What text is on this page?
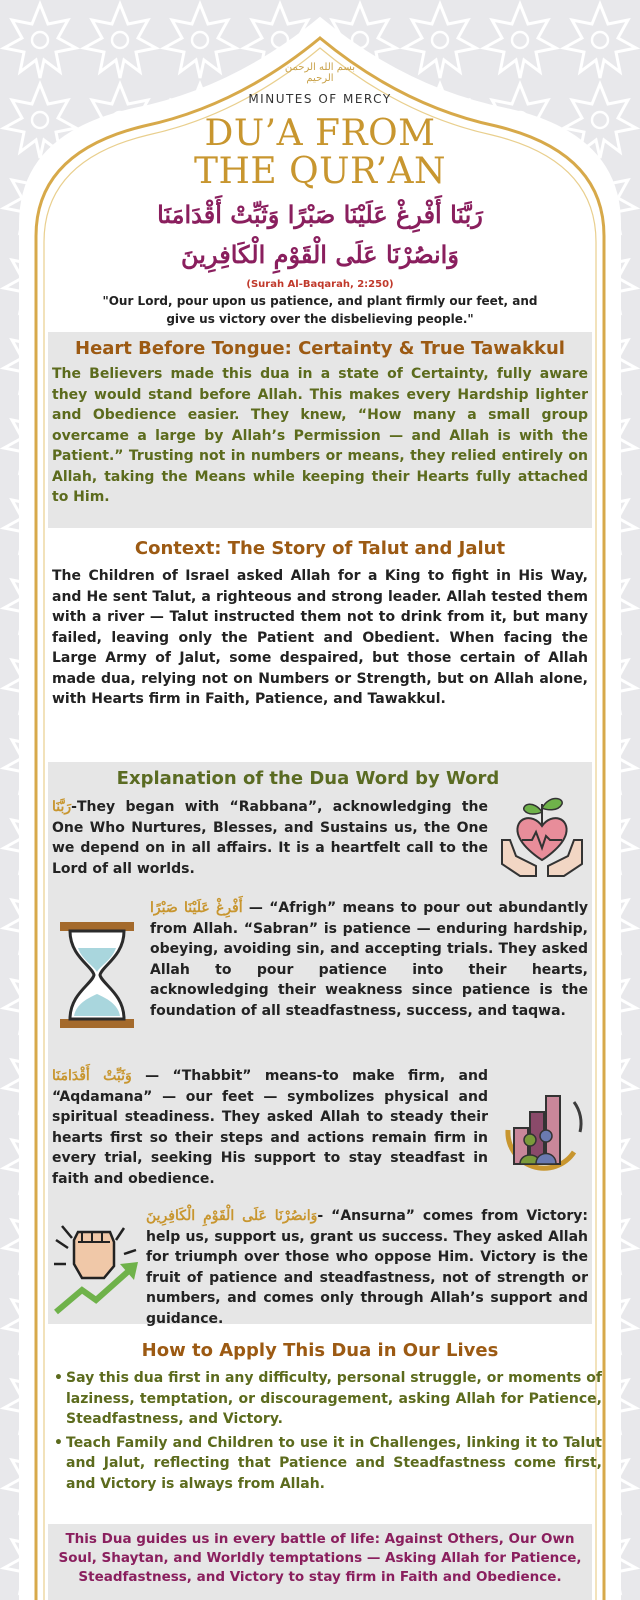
بسم الله الرحمن الرحيم
MINUTES OF MERCY
DU’A FROM
THE QUR’AN
رَبَّنَا أَفْرِغْ عَلَيْنَا صَبْرًا وَثَبِّتْ أَقْدَامَنَا
وَانصُرْنَا عَلَى الْقَوْمِ الْكَافِرِينَ
(Surah Al-Baqarah, 2:250)
"Our Lord, pour upon us patience, and plant firmly our feet, and give us victory over the disbelieving people."
Heart Before Tongue: Certainty & True Tawakkul
The Believers made this dua in a state of Certainty, fully aware they would stand before Allah. This makes every Hardship lighter and Obedience easier. They knew, “How many a small group overcame a large by Allah’s Permission — and Allah is with the Patient.” Trusting not in numbers or means, they relied entirely on Allah, taking the Means while keeping their Hearts fully attached to Him.
Context: The Story of Talut and Jalut
The Children of Israel asked Allah for a King to fight in His Way, and He sent Talut, a righteous and strong leader. Allah tested them with a river — Talut instructed them not to drink from it, but many failed, leaving only the Patient and Obedient. When facing the Large Army of Jalut, some despaired, but those certain of Allah made dua, relying not on Numbers or Strength, but on Allah alone, with Hearts firm in Faith, Patience, and Tawakkul.
Explanation of the Dua Word by Word
رَبَّنَا-They began with “Rabbana”, acknowledging the One Who Nurtures, Blesses, and Sustains us, the One we depend on in all affairs. It is a heartfelt call to the Lord of all worlds.
أَفْرِغْ عَلَيْنَا صَبْرًا — “Afrigh” means to pour out abundantly from Allah. “Sabran” is patience — enduring hardship, obeying, avoiding sin, and accepting trials. They asked Allah to pour patience into their hearts, acknowledging their weakness since patience is the foundation of all steadfastness, success, and taqwa.
وَثَبِّتْ أَقْدَامَنَا — “Thabbit” means-to make firm, and “Aqdamana” — our feet — symbolizes physical and spiritual steadiness. They asked Allah to steady their hearts first so their steps and actions remain firm in every trial, seeking His support to stay steadfast in faith and obedience.
وَانصُرْنَا عَلَى الْقَوْمِ الْكَافِرِينَ- “Ansurna” comes from Victory: help us, support us, grant us success. They asked Allah for triumph over those who oppose Him. Victory is the fruit of patience and steadfastness, not of strength or numbers, and comes only through Allah’s support and guidance.
How to Apply This Dua in Our Lives
• Say this dua first in any difficulty, personal struggle, or moments of laziness, temptation, or discouragement, asking Allah for Patience, Steadfastness, and Victory.
• Teach Family and Children to use it in Challenges, linking it to Talut and Jalut, reflecting that Patience and Steadfastness come first, and Victory is always from Allah.
This Dua guides us in every battle of life: Against Others, Our Own Soul, Shaytan, and Worldly temptations — Asking Allah for Patience, Steadfastness, and Victory to stay firm in Faith and Obedience.
